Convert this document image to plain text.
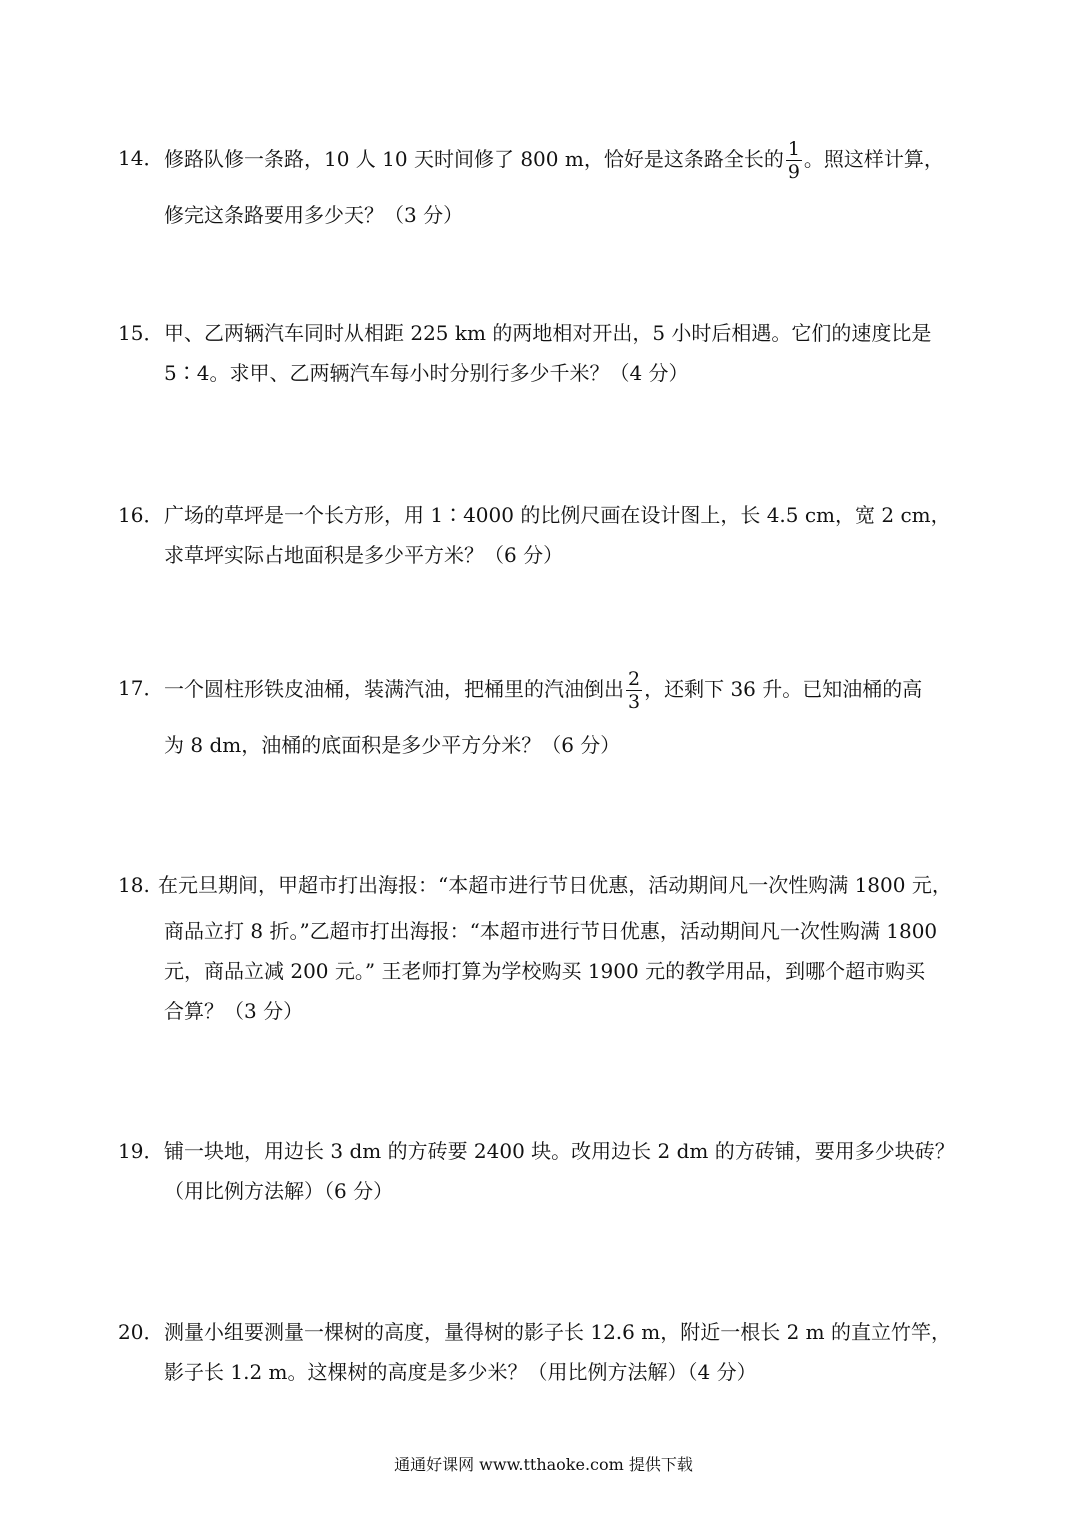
14． 修路队修一条路，10 人 10 天时间修了 800 m，恰好是这条路全长的 $\frac{1}{9}$ 。照这样计算，
修完这条路要用多少天？（3 分）
15． 甲、乙两辆汽车同时从相距 225 km 的两地相对开出，5 小时后相遇。它们的速度比是
5∶4。求甲、乙两辆汽车每小时分别行多少千米？（4 分）
16． 广场的草坪是一个长方形，用 1∶4000 的比例尺画在设计图上，长 4.5 cm，宽 2 cm，
求草坪实际占地面积是多少平方米？（6 分）
17． 一个圆柱形铁皮油桶，装满汽油，把桶里的汽油倒出 $\frac{2}{3}$ ，还剩下 36 升。已知油桶的高
为 8 dm，油桶的底面积是多少平方分米？（6 分）
18. 在元旦期间，甲超市打出海报：“本超市进行节日优惠，活动期间凡一次性购满 1800 元，
商品立打 8 折。”乙超市打出海报：“本超市进行节日优惠，活动期间凡一次性购满 1800
元，商品立减 200 元。” 王老师打算为学校购买 1900 元的教学用品，到哪个超市购买
合算？（3 分）
19． 铺一块地，用边长 3 dm 的方砖要 2400 块。改用边长 2 dm 的方砖铺，要用多少块砖？
（用比例方法解）（6 分）
20． 测量小组要测量一棵树的高度，量得树的影子长 12.6 m，附近一根长 2 m 的直立竹竿，
影子长 1.2 m。这棵树的高度是多少米？（用比例方法解）（4 分）
通通好课网 www.tthaoke.com 提供下载
